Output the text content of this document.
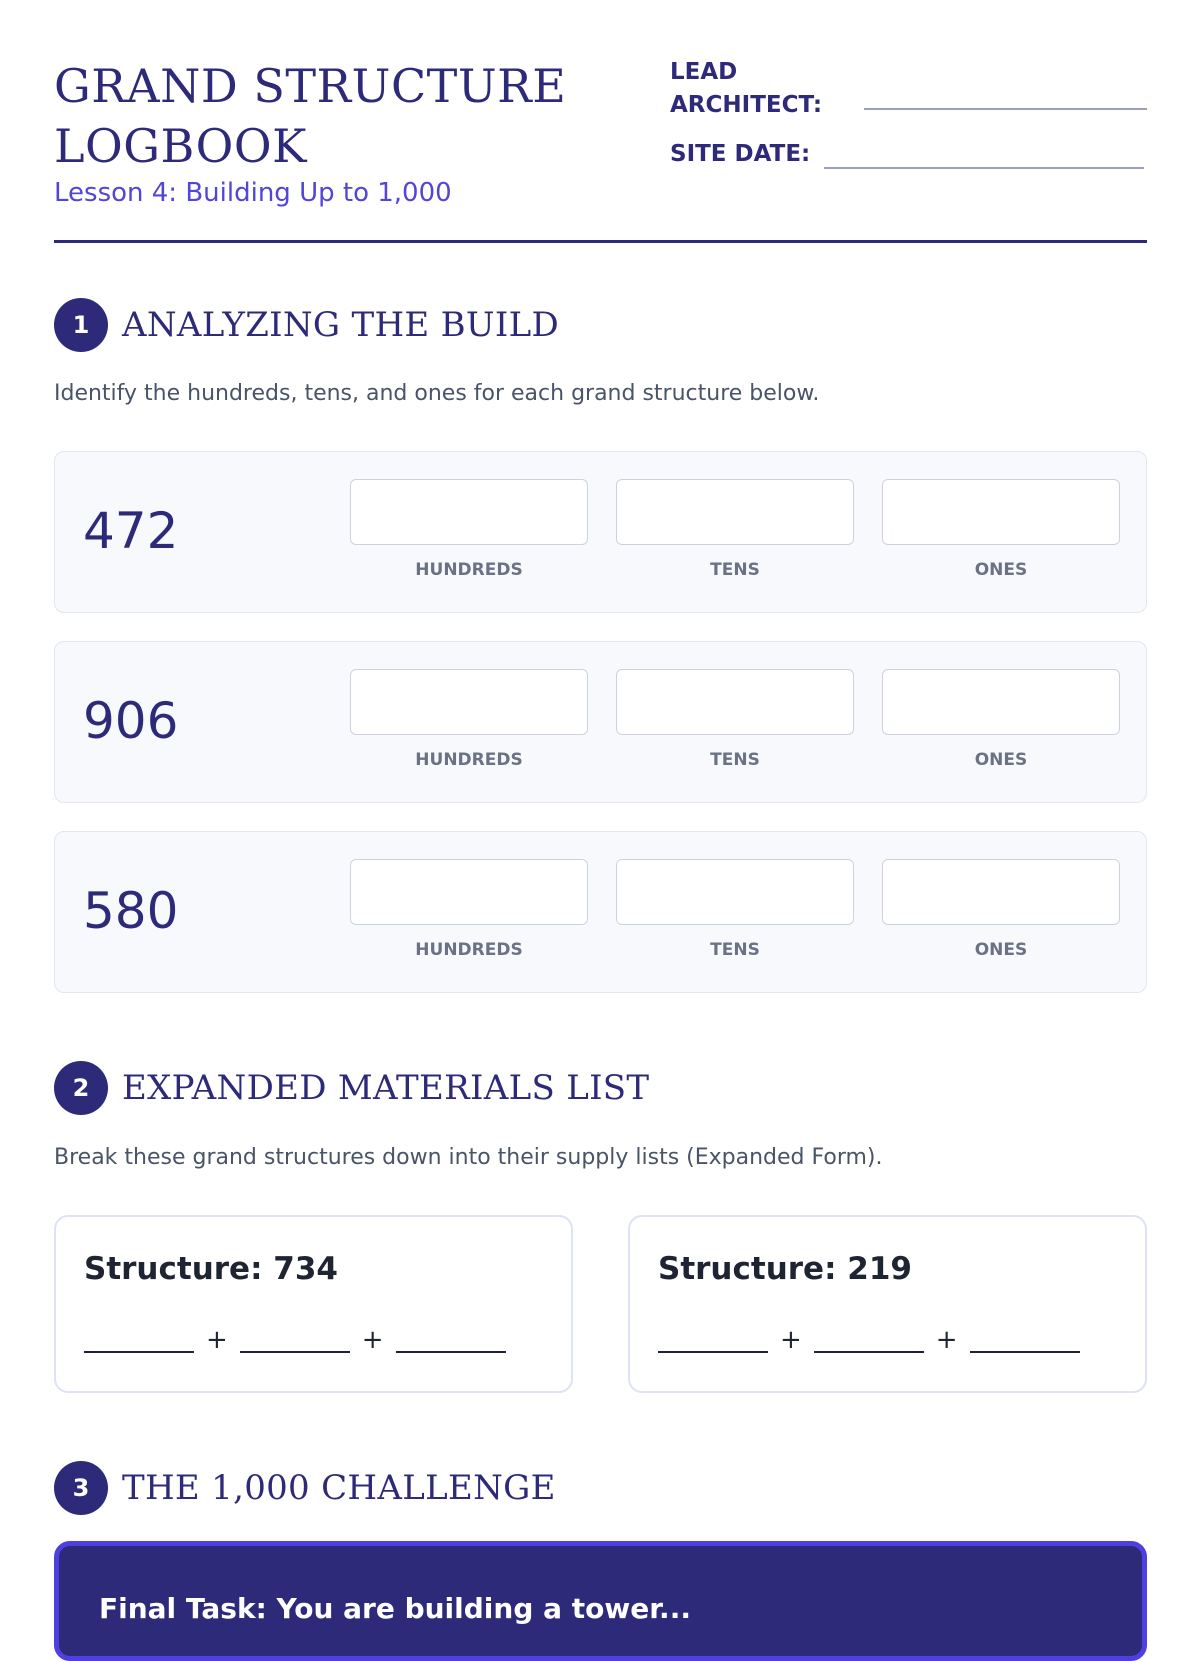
GRAND STRUCTURE LOGBOOK
Lesson 4: Building Up to 1,000
LEAD ARCHITECT:
SITE DATE:
1 ANALYZING THE BUILD
Identify the hundreds, tens, and ones for each grand structure below.
472
HUNDREDS	TENS	ONES
906
HUNDREDS	TENS	ONES
580
HUNDREDS	TENS	ONES
2 EXPANDED MATERIALS LIST
Break these grand structures down into their supply lists (Expanded Form).
Structure: 734
+	+
Structure: 219
+	+
3 THE 1,000 CHALLENGE
Final Task: You are building a tower...
